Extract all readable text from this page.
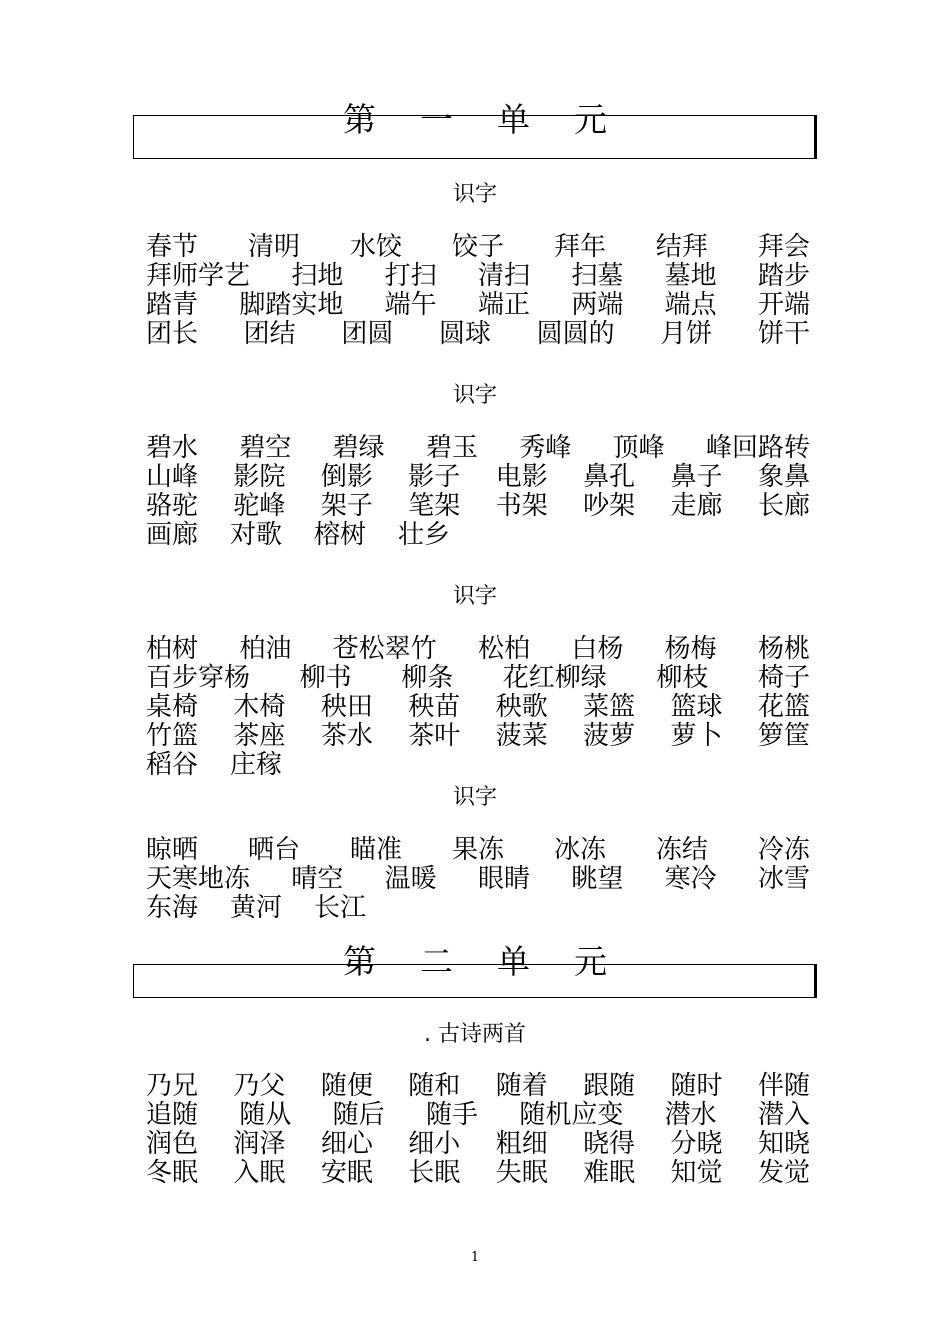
第 一 单 元
识字
春节 清明 水饺 饺子 拜年 结拜 拜会
拜师学艺 扫地 打扫 清扫 扫墓 墓地 踏步
踏青 脚踏实地 端午 端正 两端 端点 开端
团长 团结 团圆 圆球 圆圆的 月饼 饼干
识字
碧水 碧空 碧绿 碧玉 秀峰 顶峰 峰回路转
山峰 影院 倒影 影子 电影 鼻孔 鼻子 象鼻
骆驼 驼峰 架子 笔架 书架 吵架 走廊 长廊
画廊 对歌 榕树 壮乡
识字
柏树 柏油 苍松翠竹 松柏 白杨 杨梅 杨桃
百步穿杨 柳书 柳条 花红柳绿 柳枝 椅子
桌椅 木椅 秧田 秧苗 秧歌 菜篮 篮球 花篮
竹篮 茶座 茶水 茶叶 菠菜 菠萝 萝卜 箩筐
稻谷 庄稼
识字
晾晒 晒台 瞄准 果冻 冰冻 冻结 冷冻
天寒地冻 晴空 温暖 眼睛 眺望 寒冷 冰雪
东海 黄河 长江
第 二 单 元
. 古诗两首
乃兄 乃父 随便 随和 随着 跟随 随时 伴随
追随 随从 随后 随手 随机应变 潜水 潜入
润色 润泽 细心 细小 粗细 晓得 分晓 知晓
冬眠 入眠 安眠 长眠 失眠 难眠 知觉 发觉
1
